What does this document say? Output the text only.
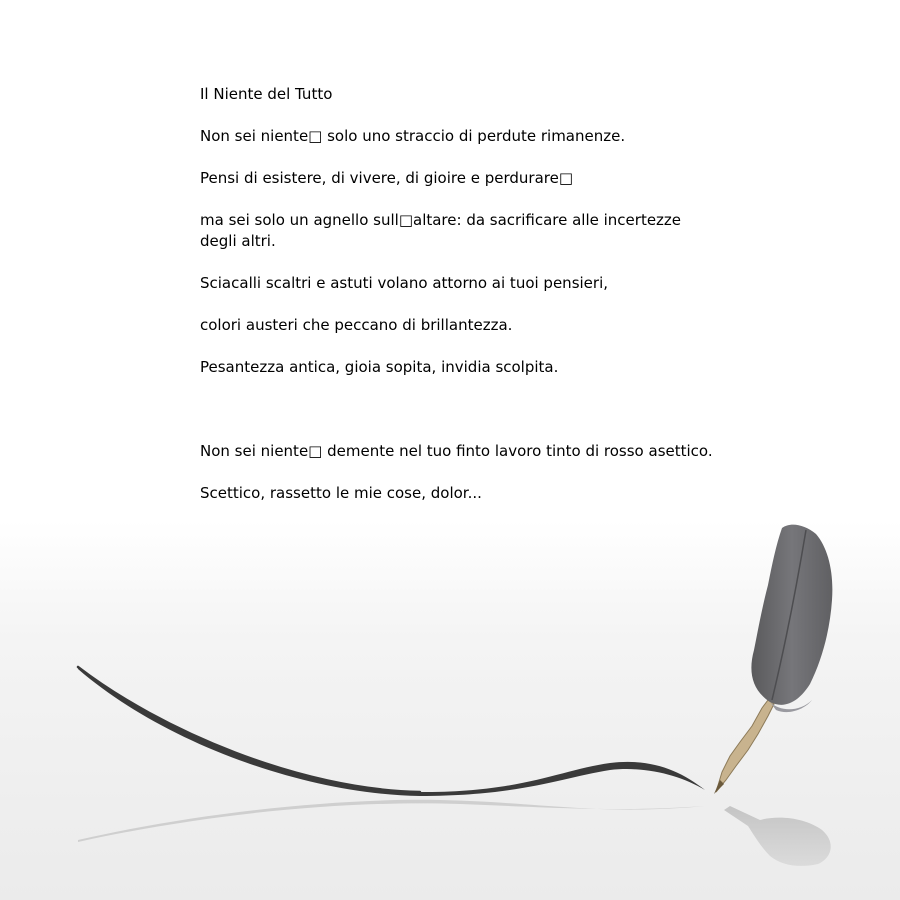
Il Niente del Tutto

Non sei niente□ solo uno straccio di perdute rimanenze.

Pensi di esistere, di vivere, di gioire e perdurare□

ma sei solo un agnello sull□altare: da sacrificare alle incertezze degli altri.

Sciacalli scaltri e astuti volano attorno ai tuoi pensieri,

colori austeri che peccano di brillantezza.

Pesantezza antica, gioia sopita, invidia scolpita.

Non sei niente□ demente nel tuo finto lavoro tinto di rosso asettico.

Scettico, rassetto le mie cose, dolor...
